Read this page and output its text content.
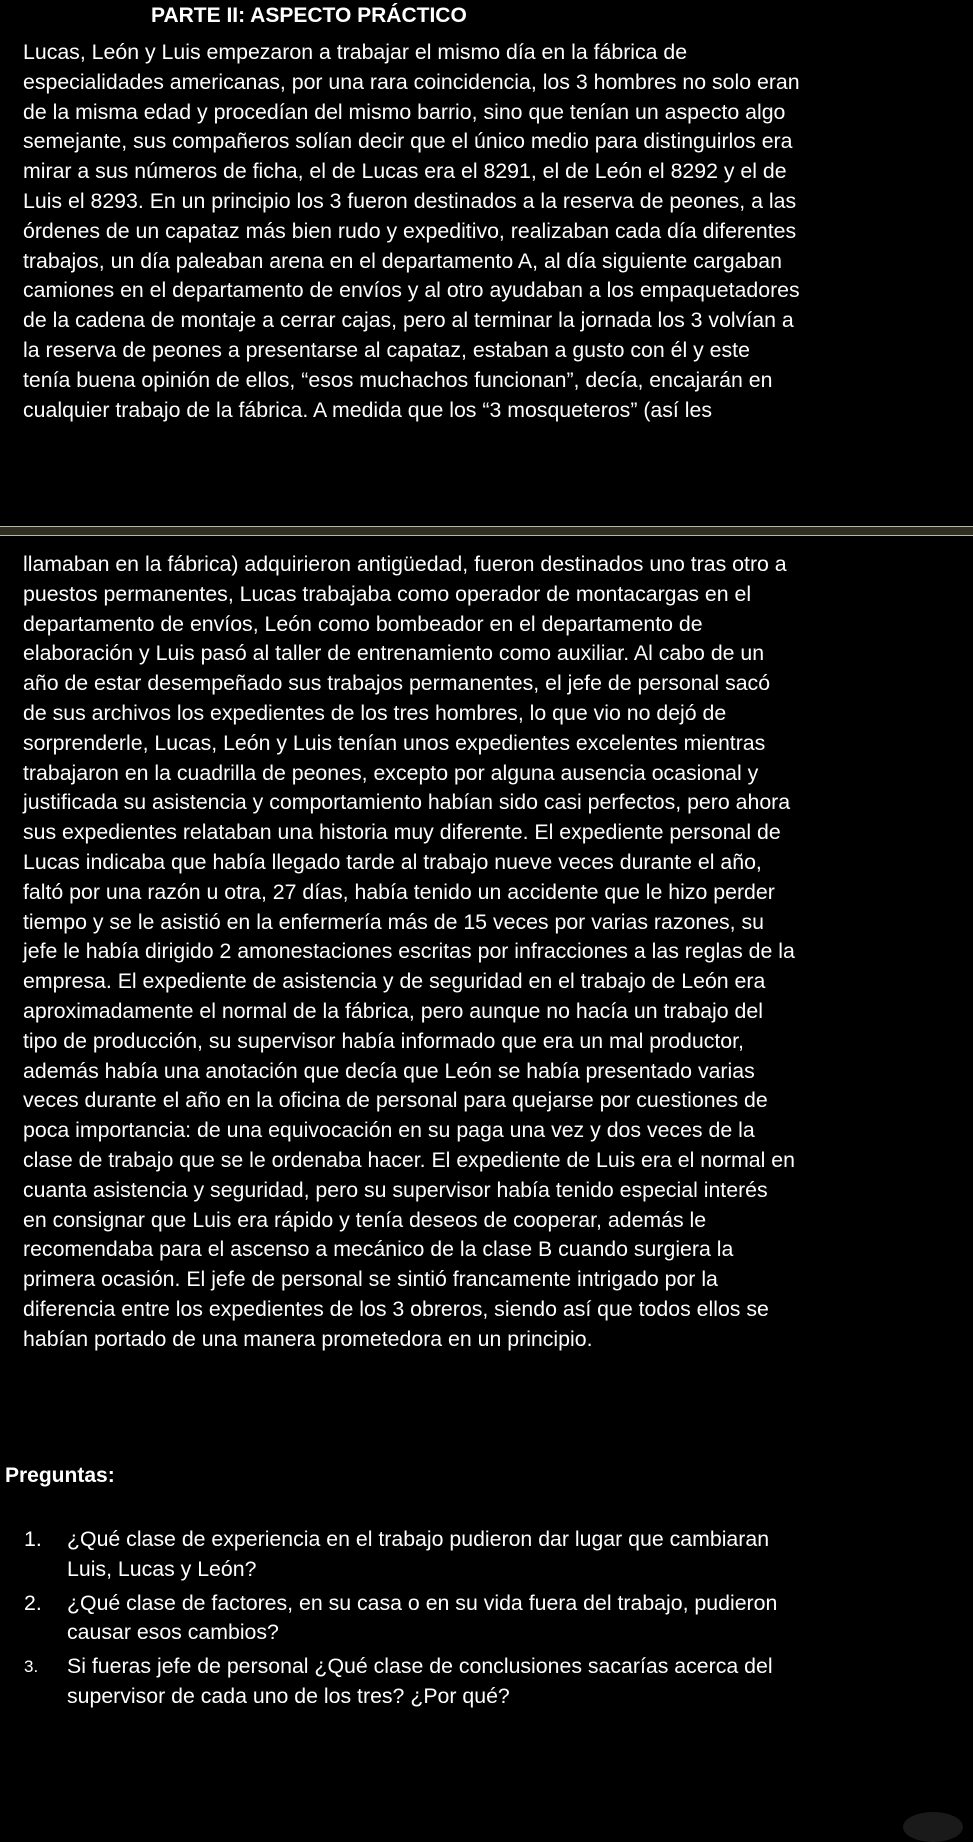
PARTE II: ASPECTO PRÁCTICO
Lucas, León y Luis empezaron a trabajar el mismo día en la fábrica de
especialidades americanas, por una rara coincidencia, los 3 hombres no solo eran
de la misma edad y procedían del mismo barrio, sino que tenían un aspecto algo
semejante, sus compañeros solían decir que el único medio para distinguirlos era
mirar a sus números de ficha, el de Lucas era el 8291, el de León el 8292 y el de
Luis el 8293. En un principio los 3 fueron destinados a la reserva de peones, a las
órdenes de un capataz más bien rudo y expeditivo, realizaban cada día diferentes
trabajos, un día paleaban arena en el departamento A, al día siguiente cargaban
camiones en el departamento de envíos y al otro ayudaban a los empaquetadores
de la cadena de montaje a cerrar cajas, pero al terminar la jornada los 3 volvían a
la reserva de peones a presentarse al capataz, estaban a gusto con él y este
tenía buena opinión de ellos, “esos muchachos funcionan”, decía, encajarán en
cualquier trabajo de la fábrica. A medida que los “3 mosqueteros” (así les
llamaban en la fábrica) adquirieron antigüedad, fueron destinados uno tras otro a
puestos permanentes, Lucas trabajaba como operador de montacargas en el
departamento de envíos, León como bombeador en el departamento de
elaboración y Luis pasó al taller de entrenamiento como auxiliar. Al cabo de un
año de estar desempeñado sus trabajos permanentes, el jefe de personal sacó
de sus archivos los expedientes de los tres hombres, lo que vio no dejó de
sorprenderle, Lucas, León y Luis tenían unos expedientes excelentes mientras
trabajaron en la cuadrilla de peones, excepto por alguna ausencia ocasional y
justificada su asistencia y comportamiento habían sido casi perfectos, pero ahora
sus expedientes relataban una historia muy diferente. El expediente personal de
Lucas indicaba que había llegado tarde al trabajo nueve veces durante el año,
faltó por una razón u otra, 27 días, había tenido un accidente que le hizo perder
tiempo y se le asistió en la enfermería más de 15 veces por varias razones, su
jefe le había dirigido 2 amonestaciones escritas por infracciones a las reglas de la
empresa. El expediente de asistencia y de seguridad en el trabajo de León era
aproximadamente el normal de la fábrica, pero aunque no hacía un trabajo del
tipo de producción, su supervisor había informado que era un mal productor,
además había una anotación que decía que León se había presentado varias
veces durante el año en la oficina de personal para quejarse por cuestiones de
poca importancia: de una equivocación en su paga una vez y dos veces de la
clase de trabajo que se le ordenaba hacer. El expediente de Luis era el normal en
cuanta asistencia y seguridad, pero su supervisor había tenido especial interés
en consignar que Luis era rápido y tenía deseos de cooperar, además le
recomendaba para el ascenso a mecánico de la clase B cuando surgiera la
primera ocasión. El jefe de personal se sintió francamente intrigado por la
diferencia entre los expedientes de los 3 obreros, siendo así que todos ellos se
habían portado de una manera prometedora en un principio.
Preguntas:
1. ¿Qué clase de experiencia en el trabajo pudieron dar lugar que cambiaran
Luis, Lucas y León?
2. ¿Qué clase de factores, en su casa o en su vida fuera del trabajo, pudieron
causar esos cambios?
3. Si fueras jefe de personal ¿Qué clase de conclusiones sacarías acerca del
supervisor de cada uno de los tres? ¿Por qué?
